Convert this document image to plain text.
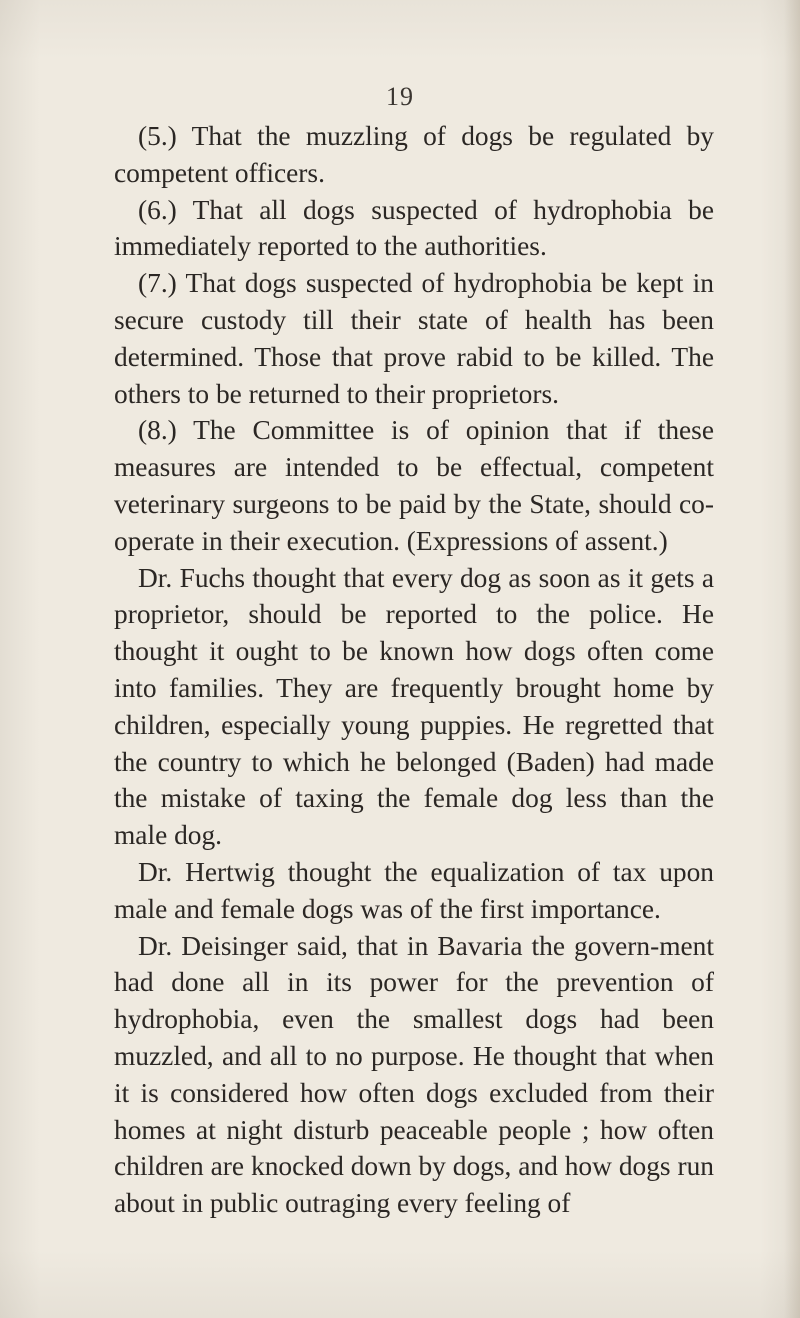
19

(5.) That the muzzling of dogs be regulated by competent officers.

(6.) That all dogs suspected of hydrophobia be immediately reported to the authorities.

(7.) That dogs suspected of hydrophobia be kept in secure custody till their state of health has been determined. Those that prove rabid to be killed. The others to be returned to their proprietors.

(8.) The Committee is of opinion that if these measures are intended to be effectual, competent veterinary surgeons to be paid by the State, should co-operate in their execution. (Expressions of assent.)

Dr. Fuchs thought that every dog as soon as it gets a proprietor, should be reported to the police. He thought it ought to be known how dogs often come into families. They are frequently brought home by children, especially young puppies. He regretted that the country to which he belonged (Baden) had made the mistake of taxing the female dog less than the male dog.

Dr. Hertwig thought the equalization of tax upon male and female dogs was of the first importance.

Dr. Deisinger said, that in Bavaria the govern-ment had done all in its power for the prevention of hydrophobia, even the smallest dogs had been muzzled, and all to no purpose. He thought that when it is considered how often dogs excluded from their homes at night disturb peaceable people ; how often children are knocked down by dogs, and how dogs run about in public outraging every feeling of
